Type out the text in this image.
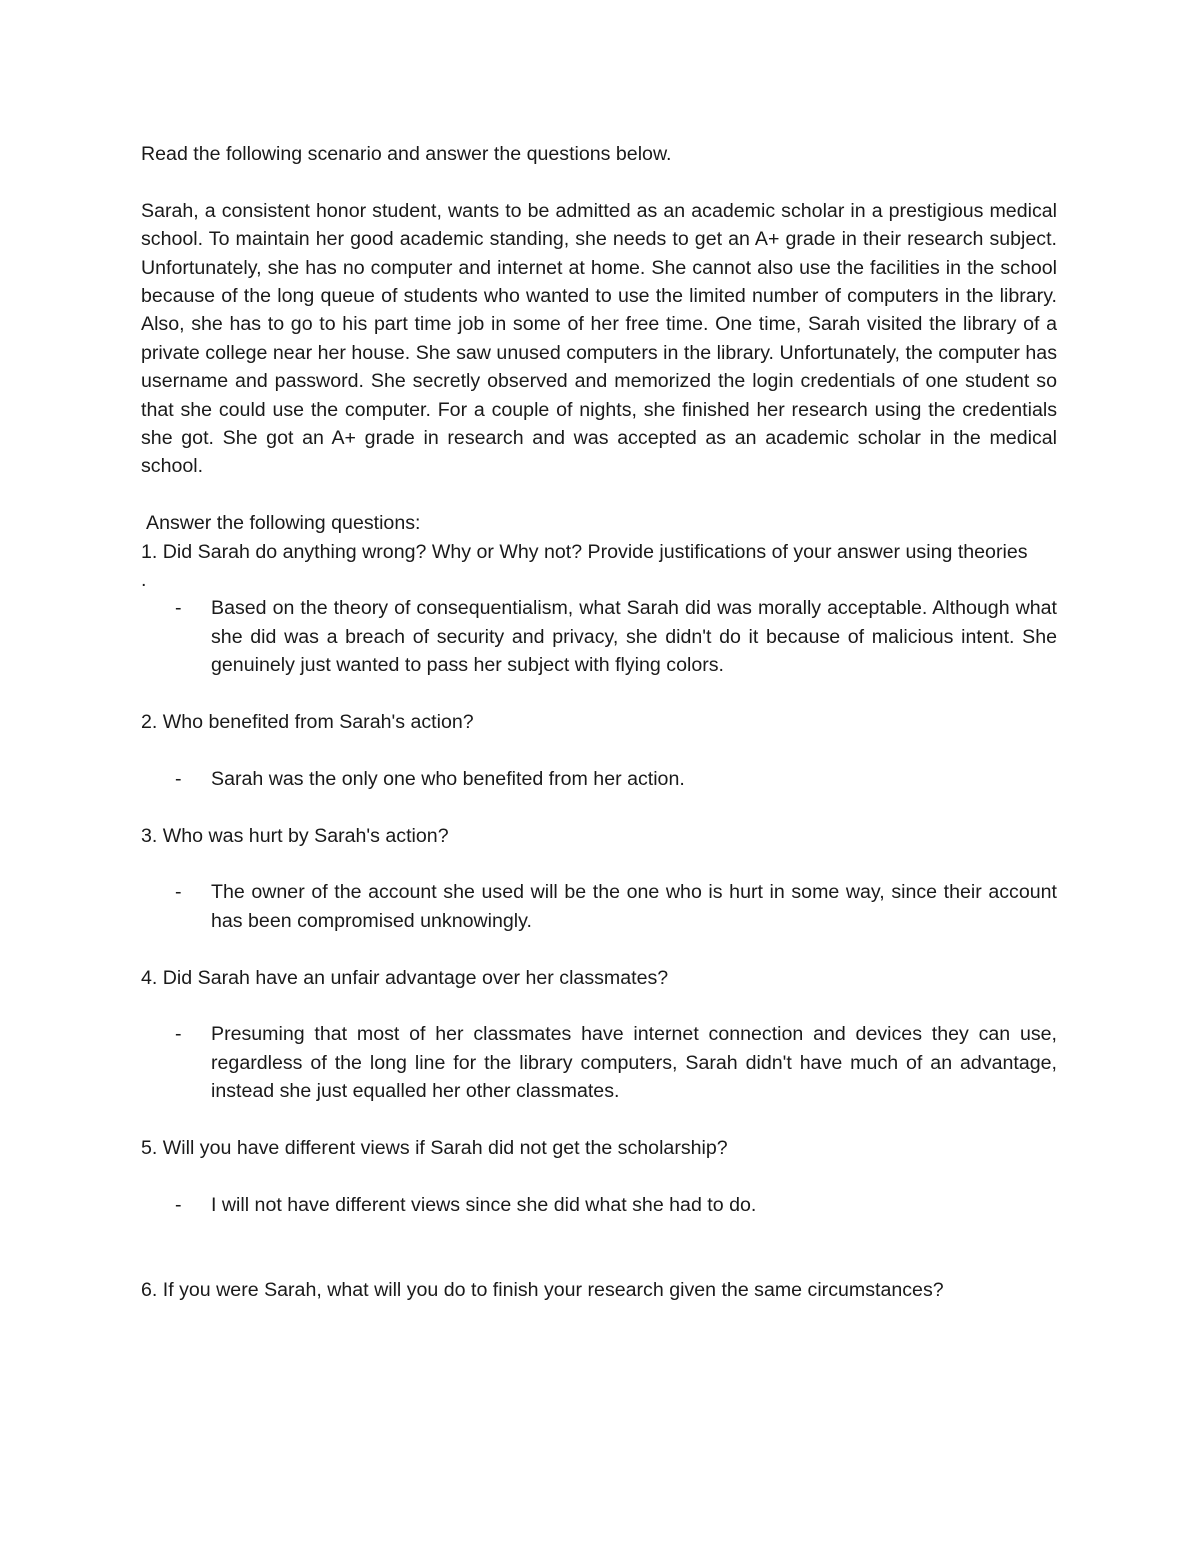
Read the following scenario and answer the questions below.

Sarah, a consistent honor student, wants to be admitted as an academic scholar in a prestigious medical school. To maintain her good academic standing, she needs to get an A+ grade in their research subject. Unfortunately, she has no computer and internet at home. She cannot also use the facilities in the school because of the long queue of students who wanted to use the limited number of computers in the library. Also, she has to go to his part time job in some of her free time. One time, Sarah visited the library of a private college near her house. She saw unused computers in the library. Unfortunately, the computer has username and password. She secretly observed and memorized the login credentials of one student so that she could use the computer. For a couple of nights, she finished her research using the credentials she got. She got an A+ grade in research and was accepted as an academic scholar in the medical school.

Answer the following questions:

1. Did Sarah do anything wrong? Why or Why not? Provide justifications of your answer using theories

.

- Based on the theory of consequentialism, what Sarah did was morally acceptable. Although what she did was a breach of security and privacy, she didn't do it because of malicious intent. She genuinely just wanted to pass her subject with flying colors.

2. Who benefited from Sarah's action?

- Sarah was the only one who benefited from her action.

3. Who was hurt by Sarah's action?

- The owner of the account she used will be the one who is hurt in some way, since their account has been compromised unknowingly.

4. Did Sarah have an unfair advantage over her classmates?

- Presuming that most of her classmates have internet connection and devices they can use, regardless of the long line for the library computers, Sarah didn't have much of an advantage, instead she just equalled her other classmates.

5. Will you have different views if Sarah did not get the scholarship?

- I will not have different views since she did what she had to do.

6. If you were Sarah, what will you do to finish your research given the same circumstances?
